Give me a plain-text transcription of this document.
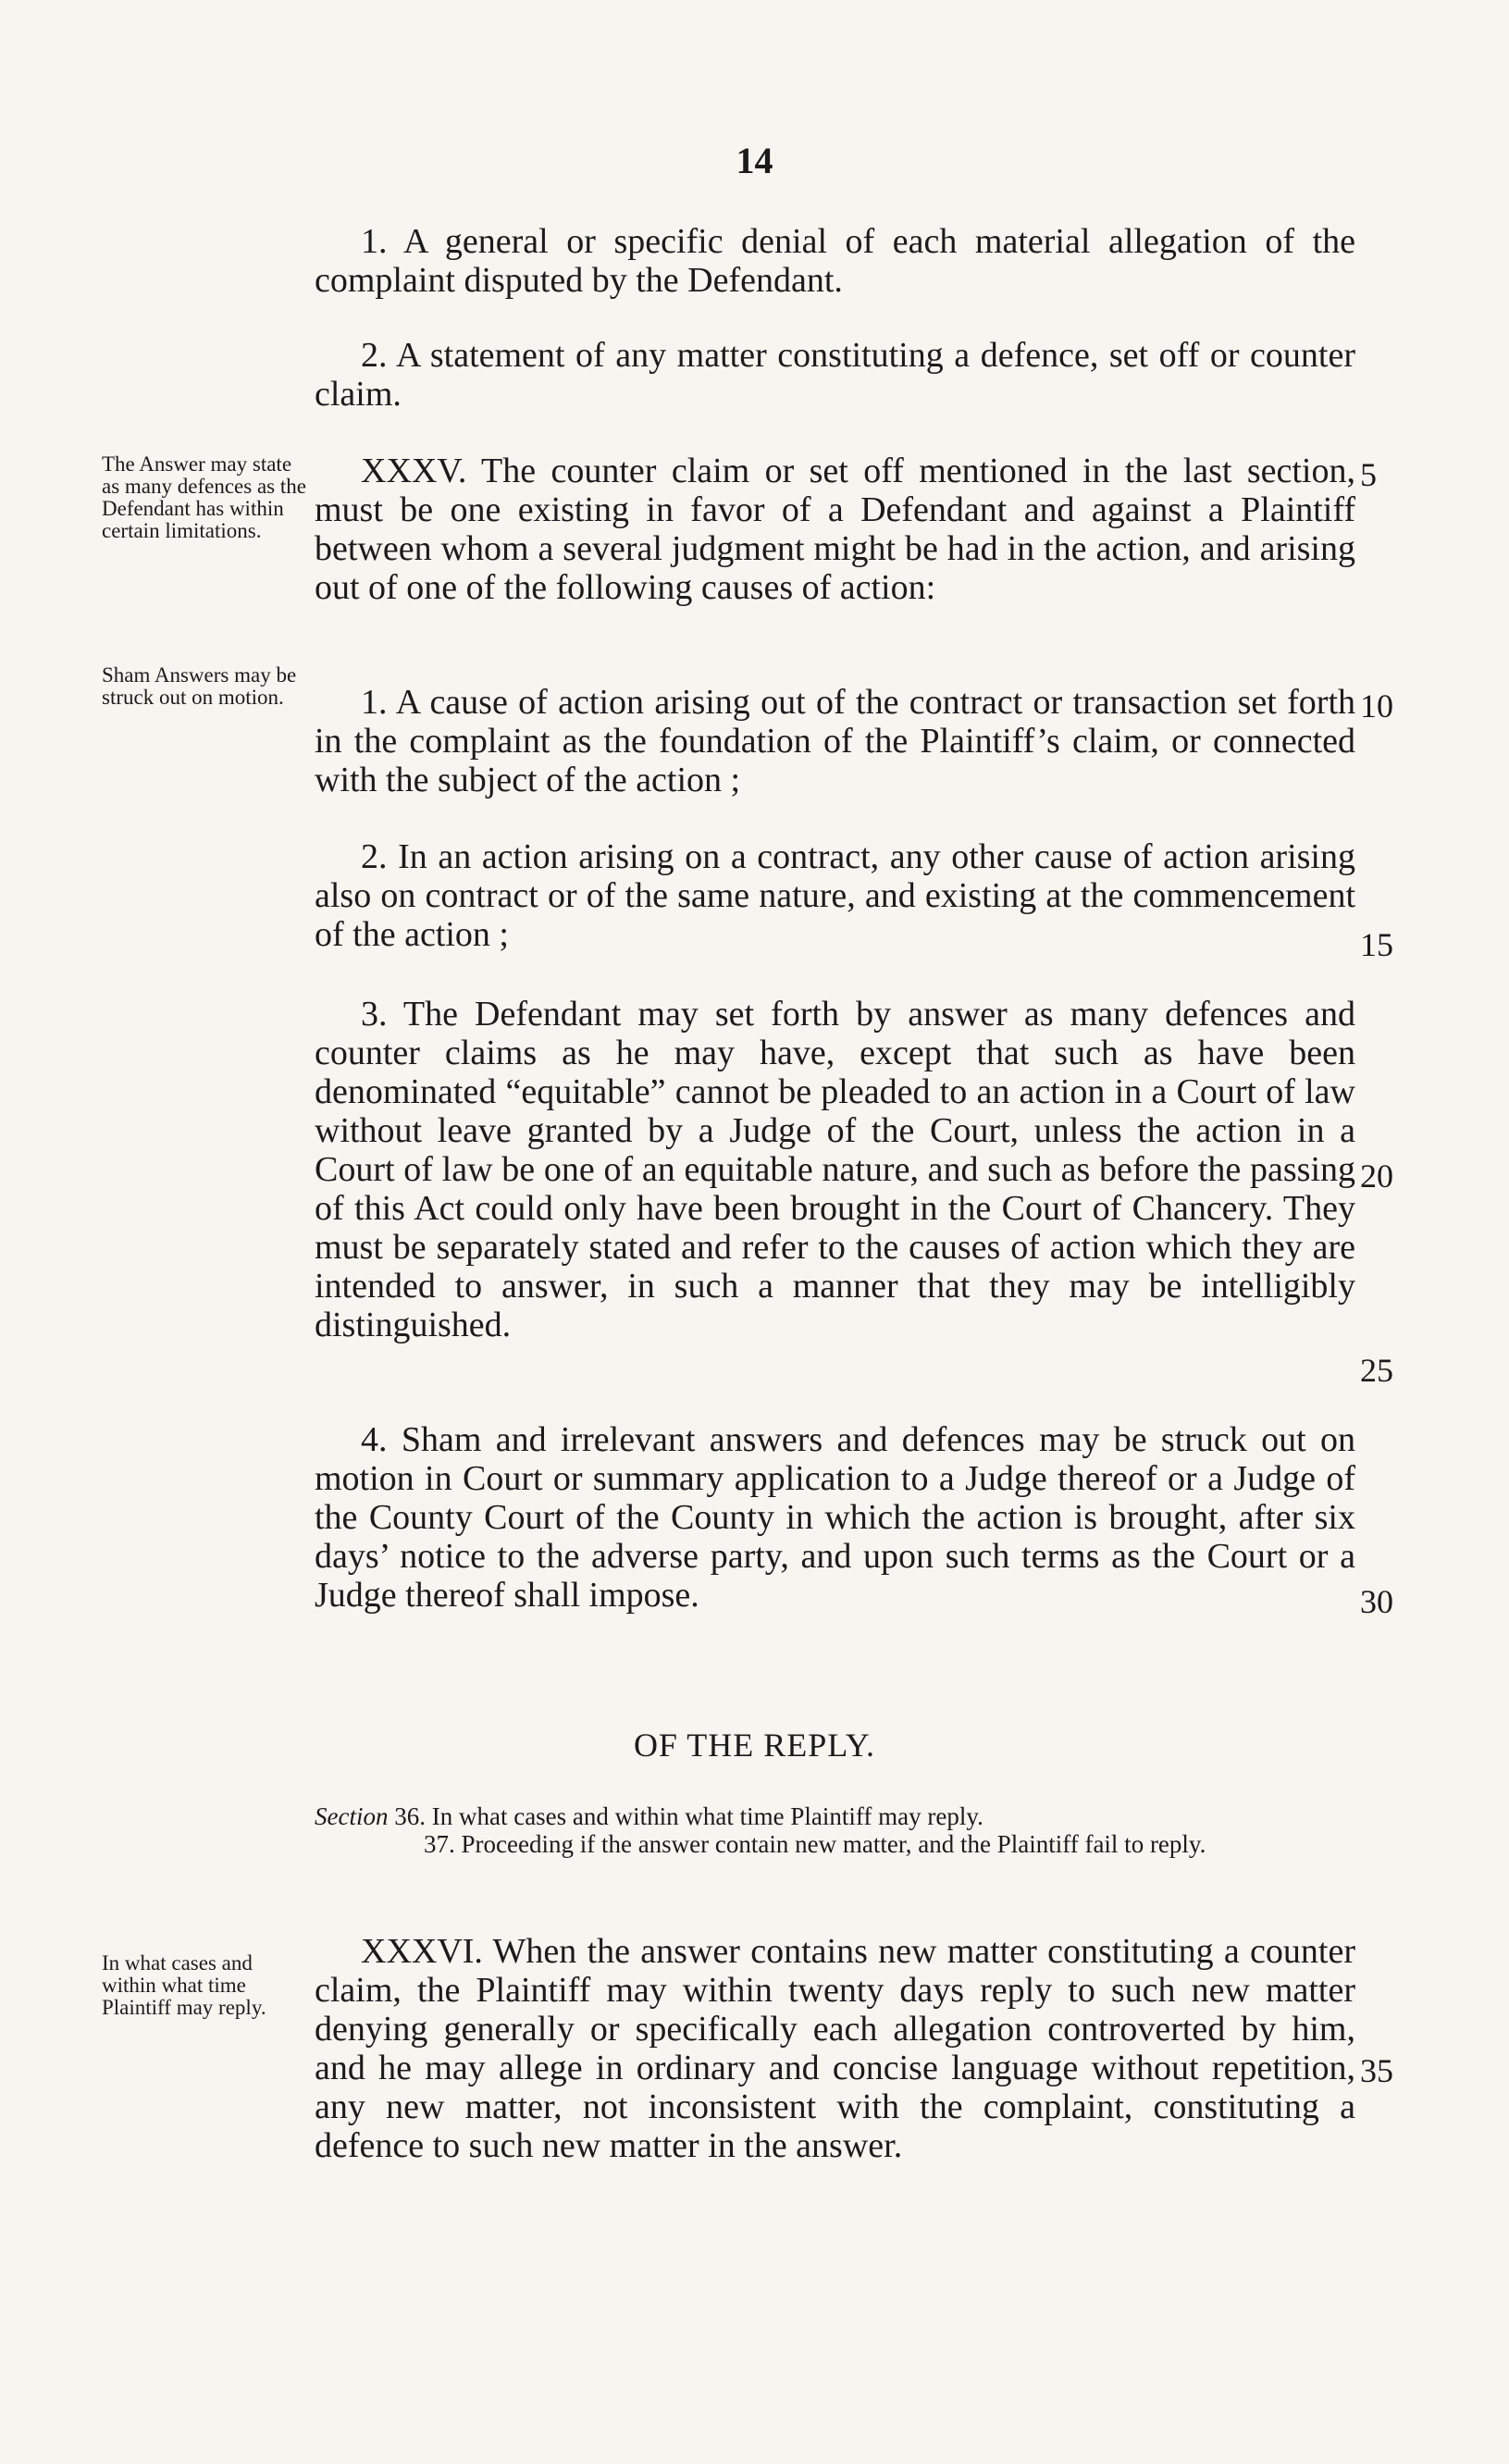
14
1. A general or specific denial of each material allegation of the complaint disputed by the Defendant.
2. A statement of any matter constituting a defence, set off or counter claim.
The Answer may state as many defences as the Defendant has within certain limitations.
XXXV. The counter claim or set off mentioned in the last section, must be one existing in favor of a Defendant and against a Plaintiff between whom a several judgment might be had in the action, and arising out of one of the following causes of action:
5
Sham Answers may be struck out on motion.	1. A cause of action arising out of the contract or transaction set forth in the complaint as the foundation of the Plaintiff’s claim, or connected with the subject of the action ;
10
2. In an action arising on a contract, any other cause of action arising also on contract or of the same nature, and existing at the commencement of the action ;	15
3. The Defendant may set forth by answer as many defences and counter claims as he may have, except that such as have been denominated “equitable” cannot be pleaded to an action in a Court of law without leave granted by a Judge of the Court, unless the action in a Court of law be one of an equitable nature, and such as before the passing of this Act could only have been brought in the Court of Chancery. They must be separately stated and refer to the causes of action which they are intended to answer, in such a manner that they may be intelligibly distinguished.
20
25
4. Sham and irrelevant answers and defences may be struck out on motion in Court or summary application to a Judge thereof or a Judge of the County Court of the County in which the action is brought, after six days’ notice to the adverse party, and upon such terms as the Court or a Judge thereof shall impose.	30
OF THE REPLY.
Section 36. In what cases and within what time Plaintiff may reply.
37. Proceeding if the answer contain new matter, and the Plaintiff fail to reply.
In what cases and within what time Plaintiff may reply.
XXXVI. When the answer contains new matter constituting a counter claim, the Plaintiff may within twenty days reply to such new matter denying generally or specifically each allegation controverted by him, and he may allege in ordinary and concise language without repetition, any new matter, not inconsistent with the complaint, constituting a defence to such new matter in the answer.
35
